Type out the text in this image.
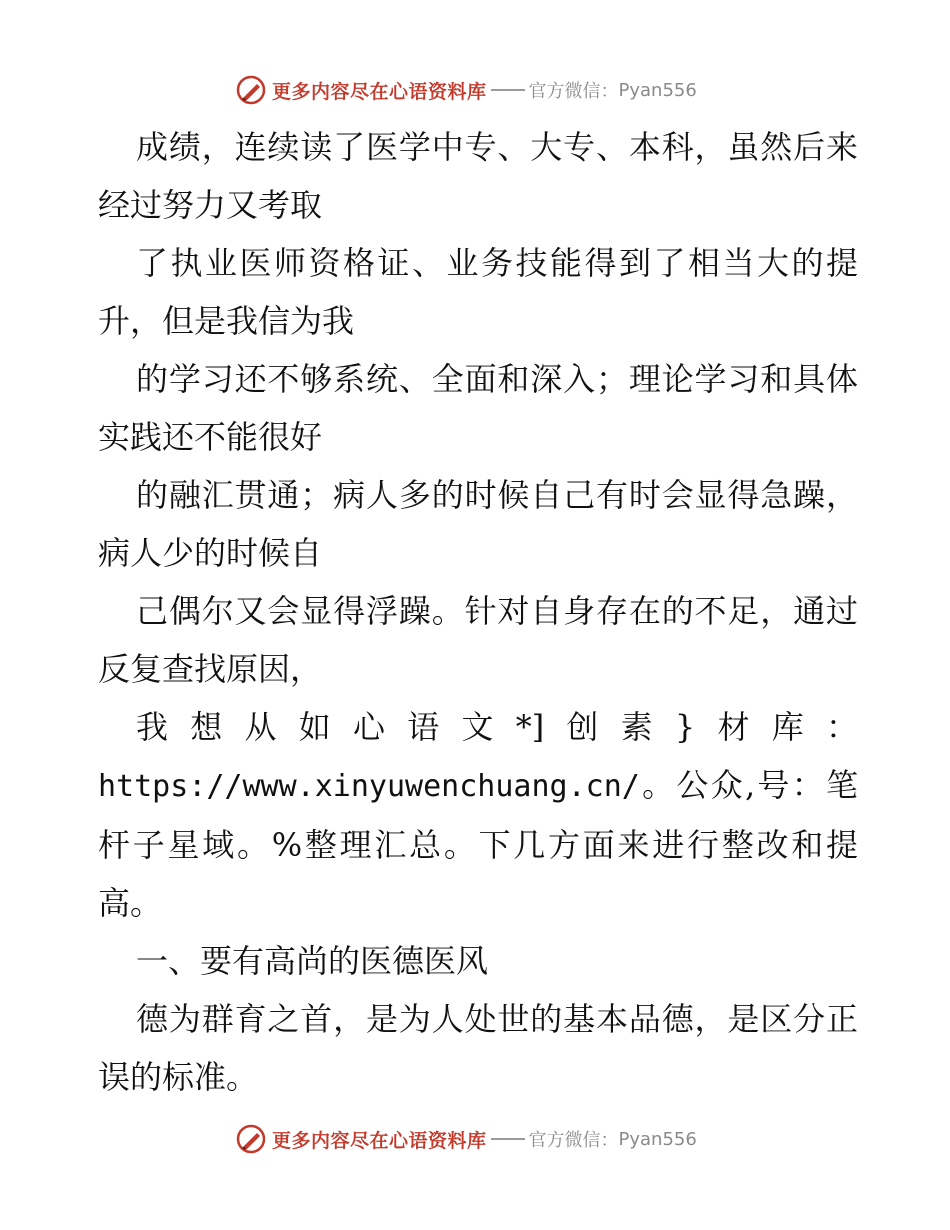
更多内容尽在心语资料库 官方微信： Pyan556

成绩，连续读了医学中专、大专、本科，虽然后来经过努力又考取

了执业医师资格证、业务技能得到了相当大的提升，但是我信为我

的学习还不够系统、全面和深入；理论学习和具体实践还不能很好

的融汇贯通；病人多的时候自己有时会显得急躁，病人少的时候自

己偶尔又会显得浮躁。针对自身存在的不足，通过反复查找原因，

我想从如心语文*]创素}材库：https://www.xinyuwenchuang.cn/。公众,号：笔杆子星域。%整理汇总。下几方面来进行整改和提高。

一、要有高尚的医德医风

德为群育之首，是为人处世的基本品德，是区分正误的标准。

更多内容尽在心语资料库 官方微信： Pyan556
